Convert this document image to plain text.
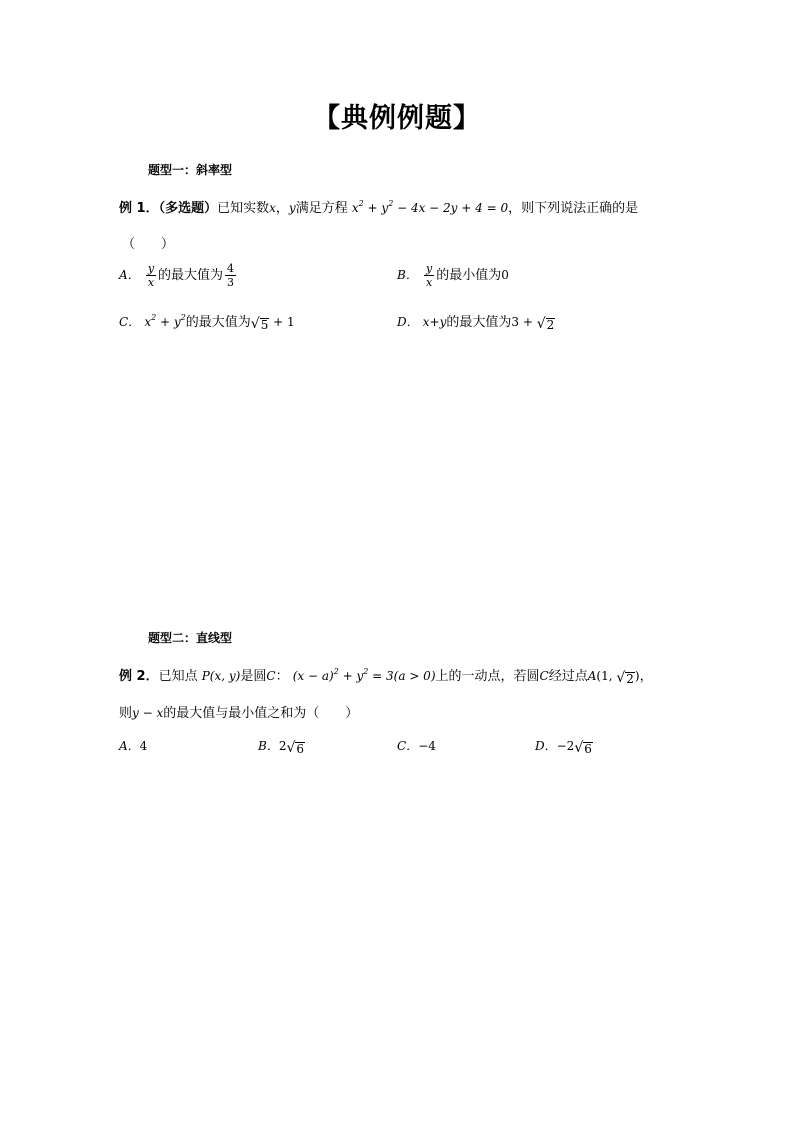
【典例例题】
题型一：斜率型
例 1．（多选题）已知实数x，y满足方程 $x^2 + y^2 - 4x - 2y + 4 = 0$，则下列说法正确的是
（　　）
A． $\frac{y}{x}$ 的最大值为 $\frac{4}{3}$	B． $\frac{y}{x}$ 的最小值为0
C． $x^2 + y^2$的最大值为 √ 5 + 1	D． x+y的最大值为3 + √ 2
题型二：直线型
例 2．已知点 P(x, y)是圆C： $(x - a)^2 + y^2 = 3(a > 0)$上的一动点，若圆C经过点A(1, √ 2 )，
则y − x的最大值与最小值之和为（　　）
A．4	B．2 √ 6	C．−4	D．−2 √ 6
